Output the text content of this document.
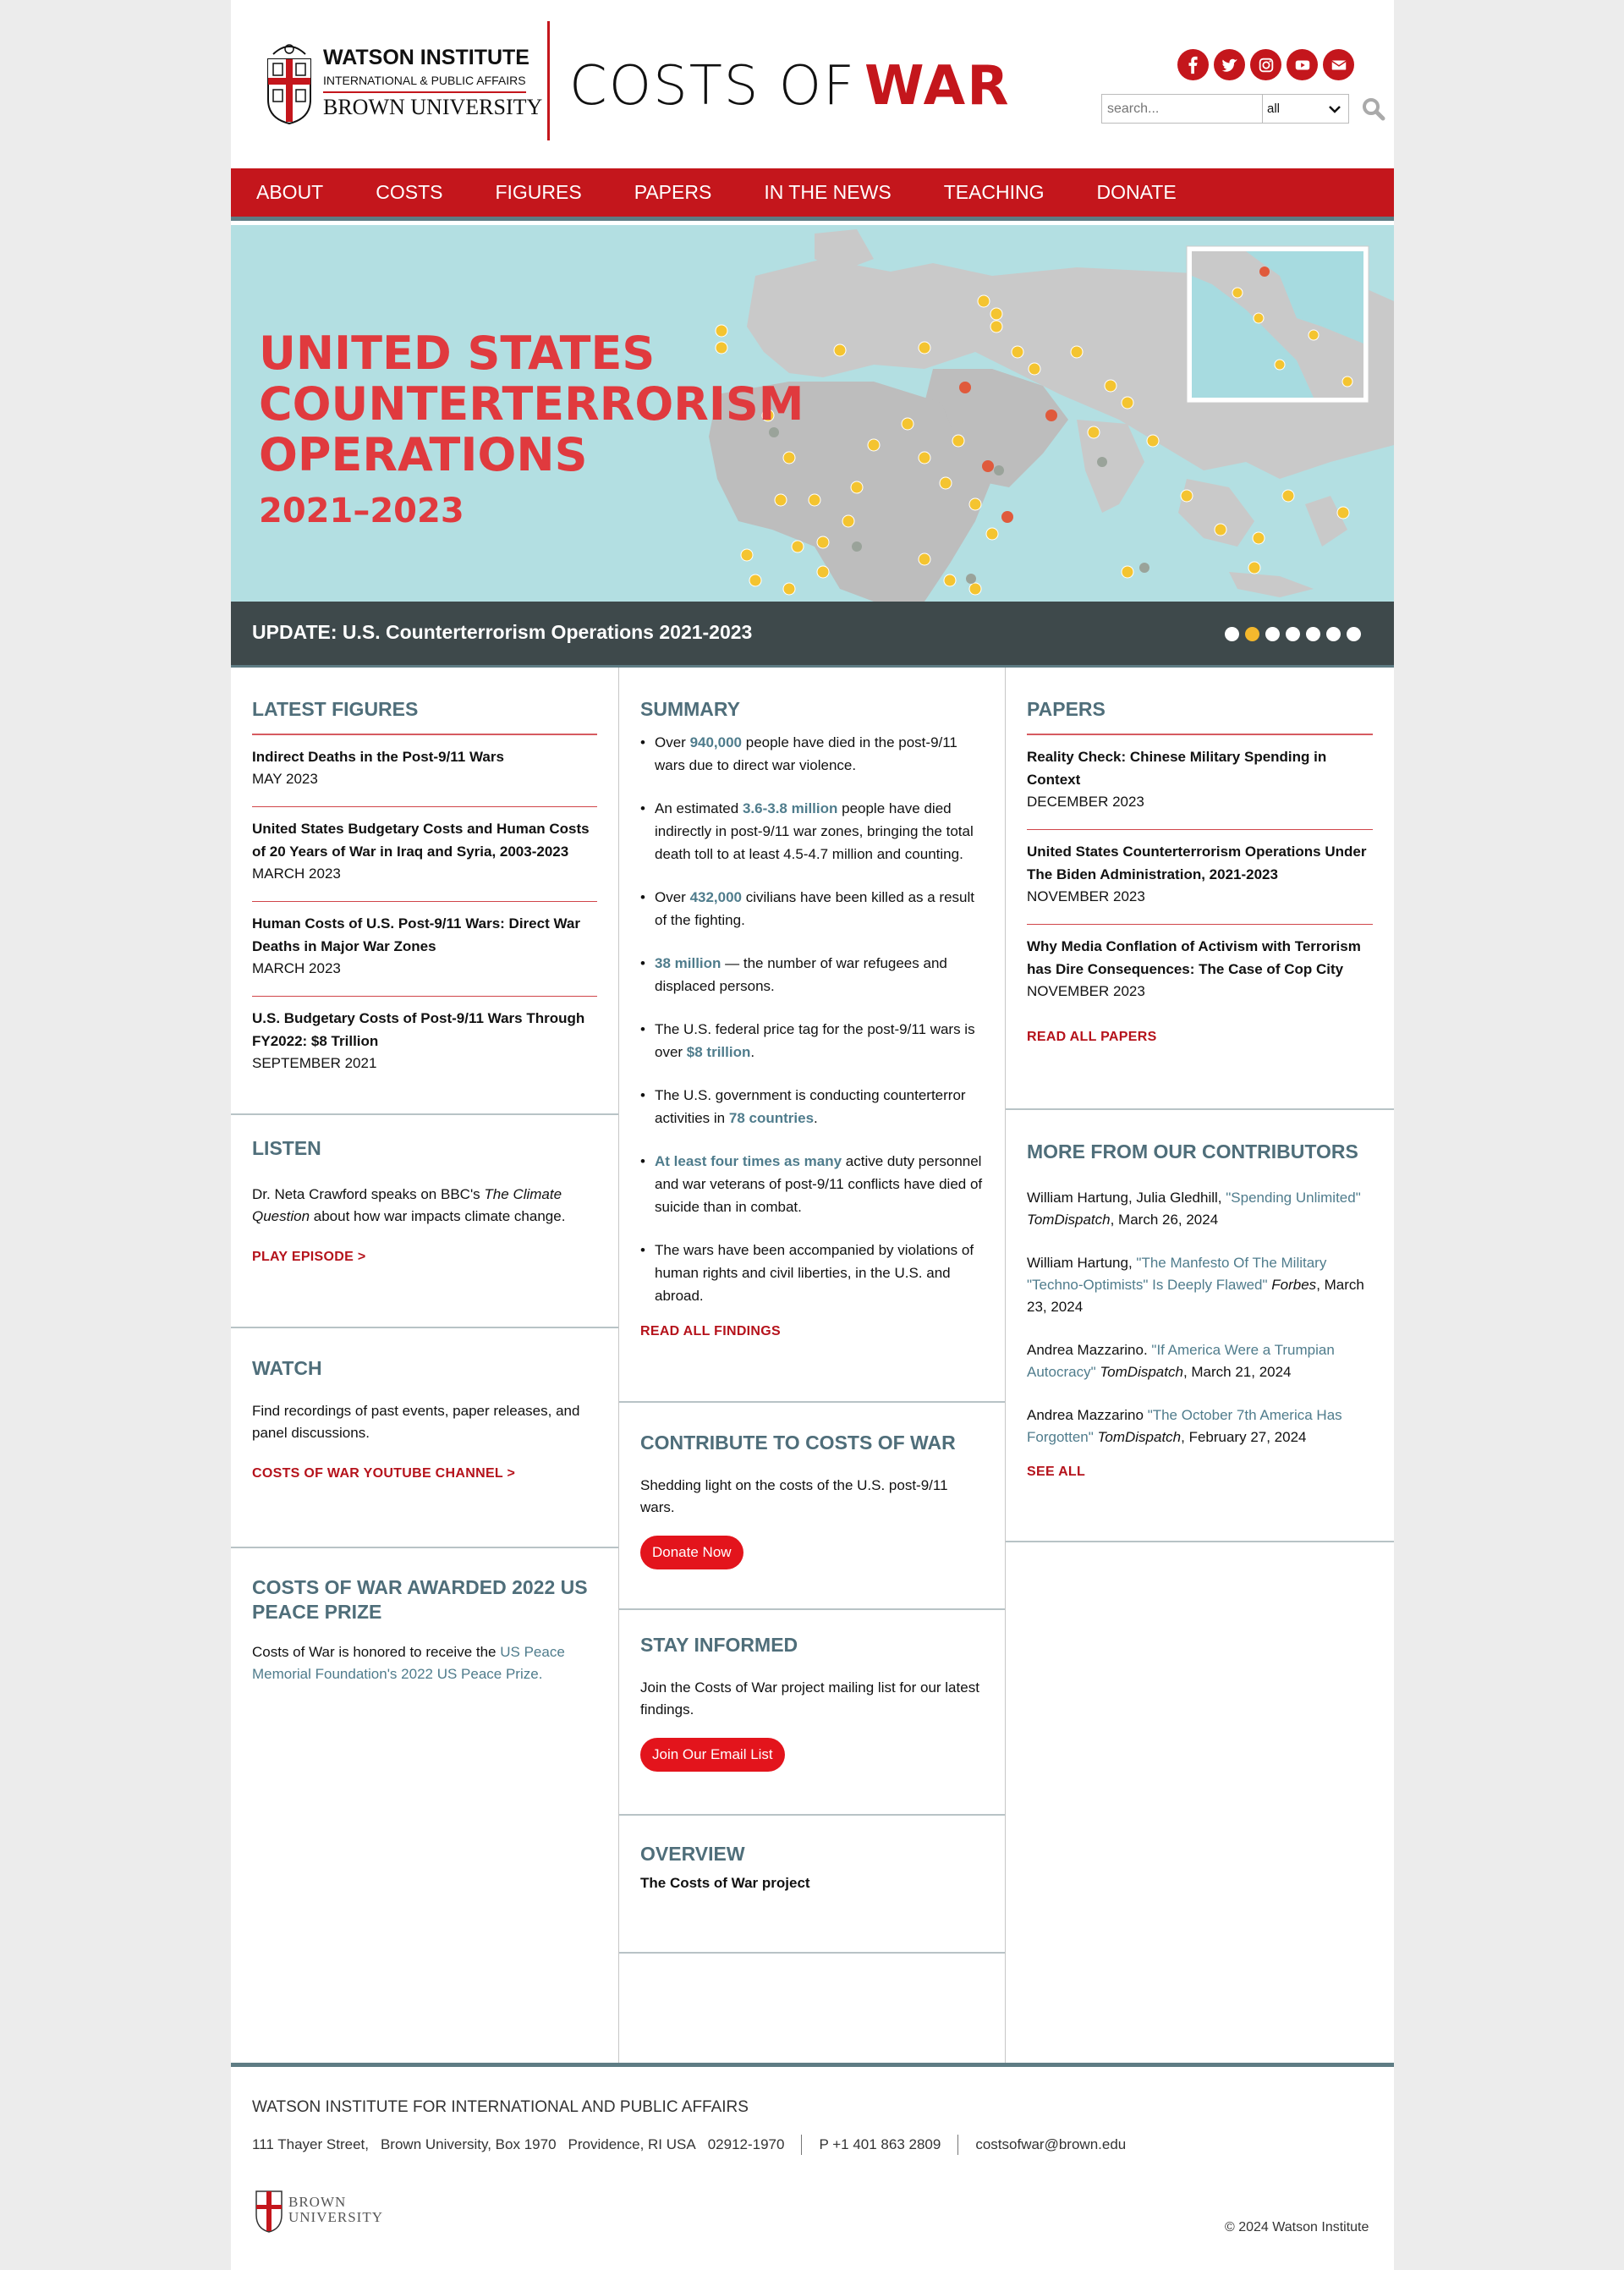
WATSON INSTITUTE
INTERNATIONAL & PUBLIC AFFAIRS
BROWN UNIVERSITY COSTS OF WAR
search...	all
ABOUT	COSTS	FIGURES	PAPERS	IN THE NEWS	TEACHING	DONATE
UNITED STATES
COUNTERTERRORISM
OPERATIONS
2021–2023
UPDATE: U.S. Counterterrorism Operations 2021-2023
LATEST FIGURES
Indirect Deaths in the Post-9/11 Wars
MAY 2023
United States Budgetary Costs and Human Costs of 20 Years of War in Iraq and Syria, 2003-2023
MARCH 2023
Human Costs of U.S. Post-9/11 Wars: Direct War Deaths in Major War Zones
MARCH 2023
U.S. Budgetary Costs of Post-9/11 Wars Through FY2022: $8 Trillion
SEPTEMBER 2021
LISTEN
Dr. Neta Crawford speaks on BBC's The Climate Question about how war impacts climate change.
PLAY EPISODE >
WATCH
Find recordings of past events, paper releases, and panel discussions.
COSTS OF WAR YOUTUBE CHANNEL >
COSTS OF WAR AWARDED 2022 US PEACE PRIZE
Costs of War is honored to receive the US Peace Memorial Foundation's 2022 US Peace Prize.
SUMMARY
• Over 940,000 people have died in the post-9/11 wars due to direct war violence.
• An estimated 3.6-3.8 million people have died indirectly in post-9/11 war zones, bringing the total death toll to at least 4.5-4.7 million and counting.
• Over 432,000 civilians have been killed as a result of the fighting.
• 38 million — the number of war refugees and displaced persons.
• The U.S. federal price tag for the post-9/11 wars is over $8 trillion.
• The U.S. government is conducting counterterror activities in 78 countries.
• At least four times as many active duty personnel and war veterans of post-9/11 conflicts have died of suicide than in combat.
• The wars have been accompanied by violations of human rights and civil liberties, in the U.S. and abroad.
READ ALL FINDINGS
CONTRIBUTE TO COSTS OF WAR
Shedding light on the costs of the U.S. post-9/11 wars.
Donate Now
STAY INFORMED
Join the Costs of War project mailing list for our latest findings.
Join Our Email List
OVERVIEW
The Costs of War project
PAPERS
Reality Check: Chinese Military Spending in Context
DECEMBER 2023
United States Counterterrorism Operations Under The Biden Administration, 2021-2023
NOVEMBER 2023
Why Media Conflation of Activism with Terrorism has Dire Consequences: The Case of Cop City
NOVEMBER 2023
READ ALL PAPERS
MORE FROM OUR CONTRIBUTORS
William Hartung, Julia Gledhill, "Spending Unlimited" TomDispatch, March 26, 2024
William Hartung, "The Manfesto Of The Military "Techno-Optimists" Is Deeply Flawed" Forbes, March 23, 2024
Andrea Mazzarino. "If America Were a Trumpian Autocracy" TomDispatch, March 21, 2024
Andrea Mazzarino "The October 7th America Has Forgotten" TomDispatch, February 27, 2024
SEE ALL
WATSON INSTITUTE FOR INTERNATIONAL AND PUBLIC AFFAIRS
111 Thayer Street, Brown University, Box 1970 Providence, RI USA 02912-1970 P +1 401 863 2809 costsofwar@brown.edu
BROWN
UNIVERSITY
© 2024 Watson Institute
